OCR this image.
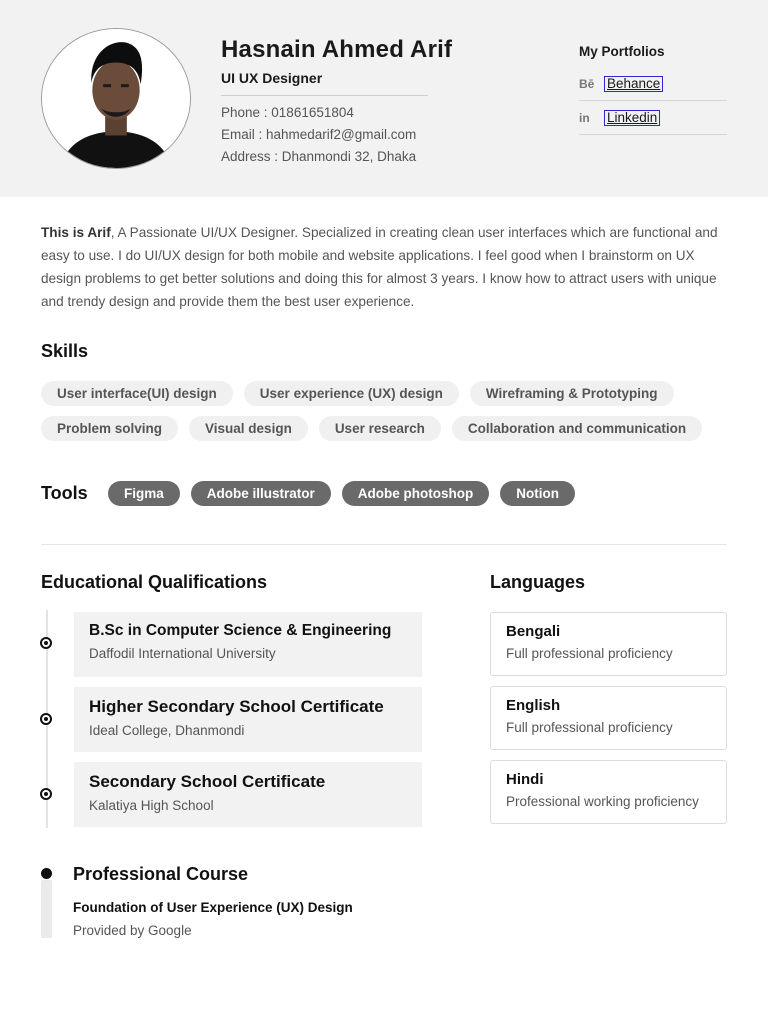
Hasnain Ahmed Arif
UI UX Designer
Phone : 01861651804
Email : hahmedarif2@gmail.com
Address : Dhanmondi 32, Dhaka
My Portfolios
Bē Behance
in	Linkedin

This is Arif, A Passionate UI/UX Designer. Specialized in creating clean user interfaces which are functional and easy to use. I do UI/UX design for both mobile and website applications. I feel good when I brainstorm on UX design problems to get better solutions and doing this for almost 3 years. I know how to attract users with unique and trendy design and provide them the best user experience.

Skills
User interface(UI) design	User experience (UX) design	Wireframing & Prototyping
Problem solving	Visual design	User research	Collaboration and communication
Tools	Figma	Adobe illustrator	Adobe photoshop	Notion
Educational Qualifications
B.Sc in Computer Science & Engineering
Daffodil International University
Higher Secondary School Certificate
Ideal College, Dhanmondi
Secondary School Certificate
Kalatiya High School
Languages
Bengali
Full professional proficiency
English
Full professional proficiency
Hindi
Professional working proficiency
Professional Course
Foundation of User Experience (UX) Design
Provided by Google
